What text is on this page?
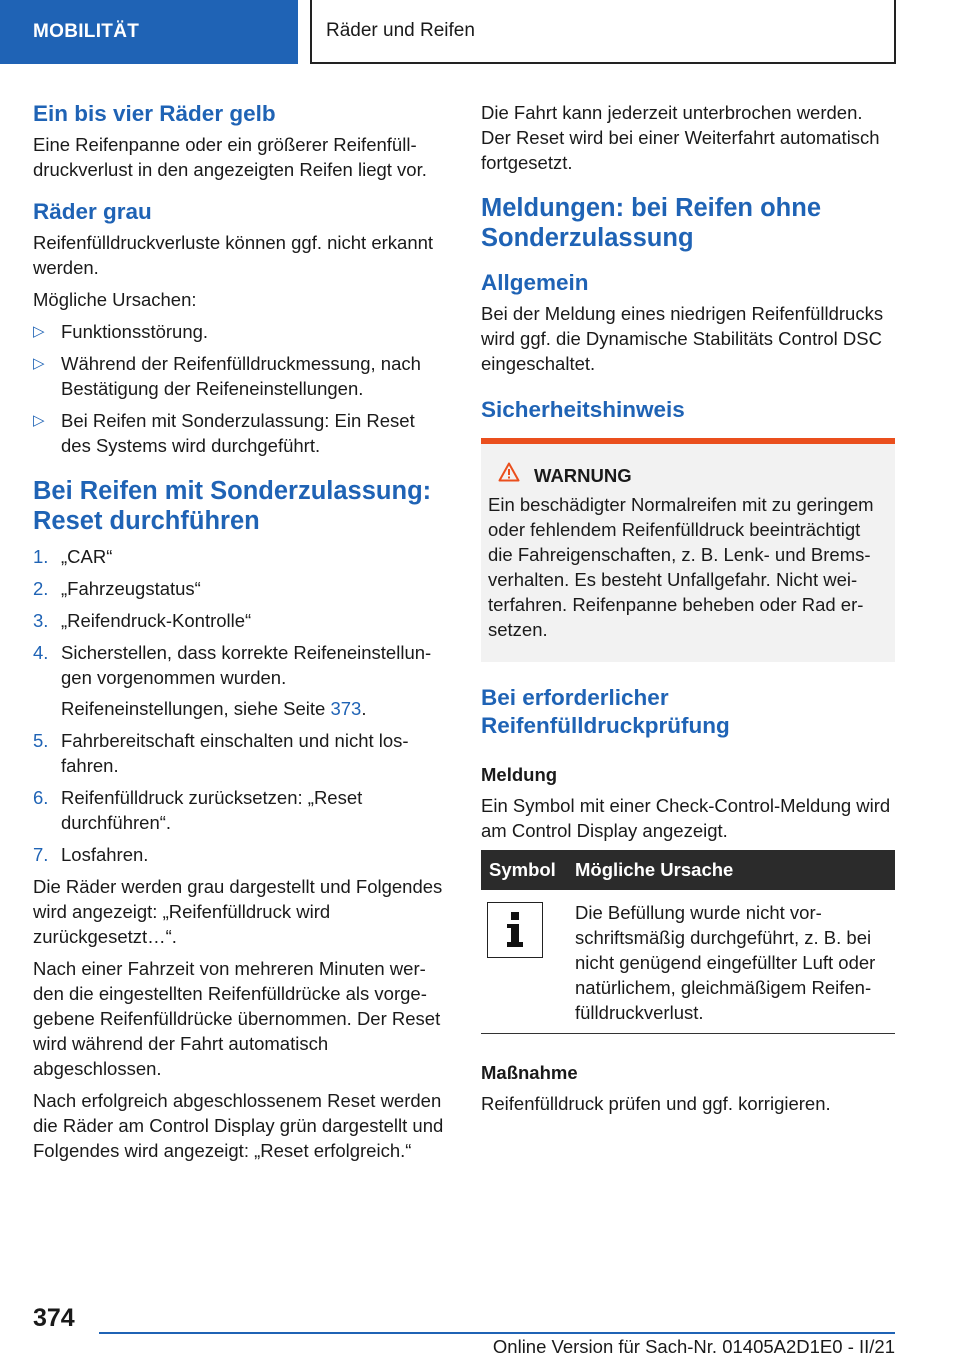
MOBILITÄT	Räder und Reifen
Ein bis vier Räder gelb

Eine Reifenpanne oder ein größerer Reifenfülldruckverlust in den angezeigten Reifen liegt vor.

Räder grau

Reifenfülldruckverluste können ggf. nicht erkannt werden.

Mögliche Ursachen:

▷ Funktionsstörung.
▷ Während der Reifenfülldruckmessung, nach Bestätigung der Reifeneinstellungen.
▷ Bei Reifen mit Sonderzulassung: Ein Reset des Systems wird durchgeführt.
Bei Reifen mit Sonderzulassung: Reset durchführen
1. „CAR“
2. „Fahrzeugstatus“
3. „Reifendruck-Kontrolle“
4. Sicherstellen, dass korrekte Reifeneinstellungen vorgenommen wurden.
Reifeneinstellungen, siehe Seite 373.
5. Fahrbereitschaft einschalten und nicht losfahren.
6. Reifenfülldruck zurücksetzen: „Reset durchführen“.
7. Losfahren.

Die Räder werden grau dargestellt und Folgendes wird angezeigt: „Reifenfülldruck wird zurückgesetzt…“.

Nach einer Fahrzeit von mehreren Minuten werden die eingestellten Reifenfülldrücke als vorgegebene Reifenfülldrücke übernommen. Der Reset wird während der Fahrt automatisch abgeschlossen.

Nach erfolgreich abgeschlossenem Reset werden die Räder am Control Display grün dargestellt und Folgendes wird angezeigt: „Reset erfolgreich.“

Die Fahrt kann jederzeit unterbrochen werden. Der Reset wird bei einer Weiterfahrt automatisch fortgesetzt.

Meldungen: bei Reifen ohne Sonderzulassung
Allgemein

Bei der Meldung eines niedrigen Reifenfülldrucks wird ggf. die Dynamische Stabilitäts Control DSC eingeschaltet.

Sicherheitshinweis
WARNUNG

Ein beschädigter Normalreifen mit zu geringem oder fehlendem Reifenfülldruck beeinträchtigt die Fahreigenschaften, z. B. Lenk- und Bremsverhalten. Es besteht Unfallgefahr. Nicht weiterfahren. Reifenpanne beheben oder Rad ersetzen.

Bei erforderlicher Reifenfülldruckprüfung
Meldung

Ein Symbol mit einer Check-Control-Meldung wird am Control Display angezeigt.

Symbol	Mögliche Ursache

	Die Befüllung wurde nicht vorschriftsmäßig durchgeführt, z. B. bei nicht genügend eingefüllter Luft oder natürlichem, gleichmäßigem Reifenfülldruckverlust.
Maßnahme

Reifenfülldruck prüfen und ggf. korrigieren.

374
Online Version für Sach-Nr. 01405A2D1E0 - II/21
